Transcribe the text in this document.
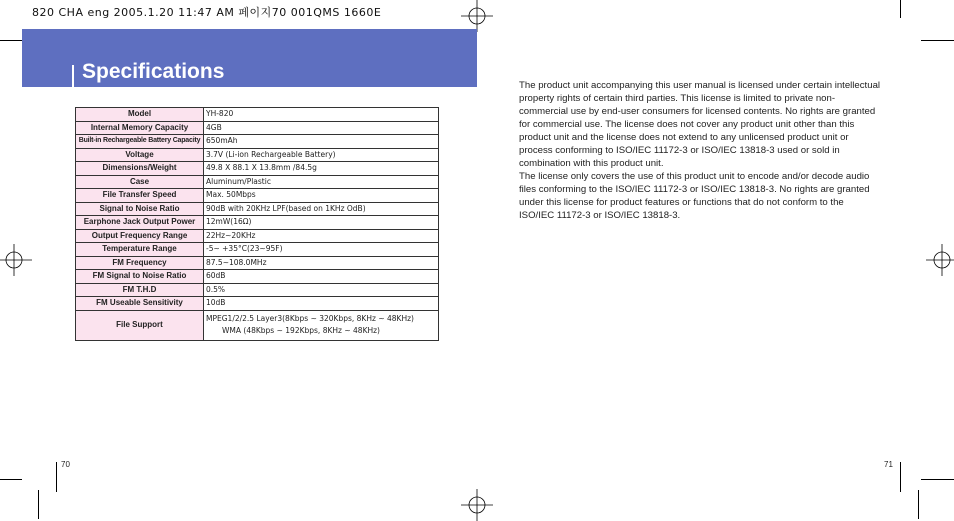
820 CHA eng 2005.1.20 11:47 AM 페이지70 001QMS 1660E
Specifications
Model	YH-820
Internal Memory Capacity	4GB
Built-in Rechargeable Battery Capacity	650mAh
Voltage	3.7V (Li-ion Rechargeable Battery)
Dimensions/Weight	49.8 X 88.1 X 13.8mm /84.5g
Case	Aluminum/Plastic
File Transfer Speed	Max. 50Mbps
Signal to Noise Ratio	90dB with 20KHz LPF(based on 1KHz OdB)
Earphone Jack Output Power	12mW(16Ω)
Output Frequency Range	22Hz~20KHz
Temperature Range	-5~ +35°C(23~95F)
FM Frequency	87.5~108.0MHz
FM Signal to Noise Ratio	60dB
FM T.H.D	0.5%
FM Useable Sensitivity	10dB
File Support	MPEG1/2/2.5 Layer3(8Kbps ~ 320Kbps, 8KHz ~ 48KHz)
WMA (48Kbps ~ 192Kbps, 8KHz ~ 48KHz)

The product unit accompanying this user manual is licensed under certain intellectual property rights of certain third parties. This license is limited to private non-commercial use by end-user consumers for licensed contents. No rights are granted for commercial use. The license does not cover any product unit other than this product unit and the license does not extend to any unlicensed product unit or process conforming to ISO/IEC 11172-3 or ISO/IEC 13818-3 used or sold in combination with this product unit.

The license only covers the use of this product unit to encode and/or decode audio files conforming to the ISO/IEC 11172-3 or ISO/IEC 13818-3. No rights are granted under this license for product features or functions that do not conform to the ISO/IEC 11172-3 or ISO/IEC 13818-3.

70	71
